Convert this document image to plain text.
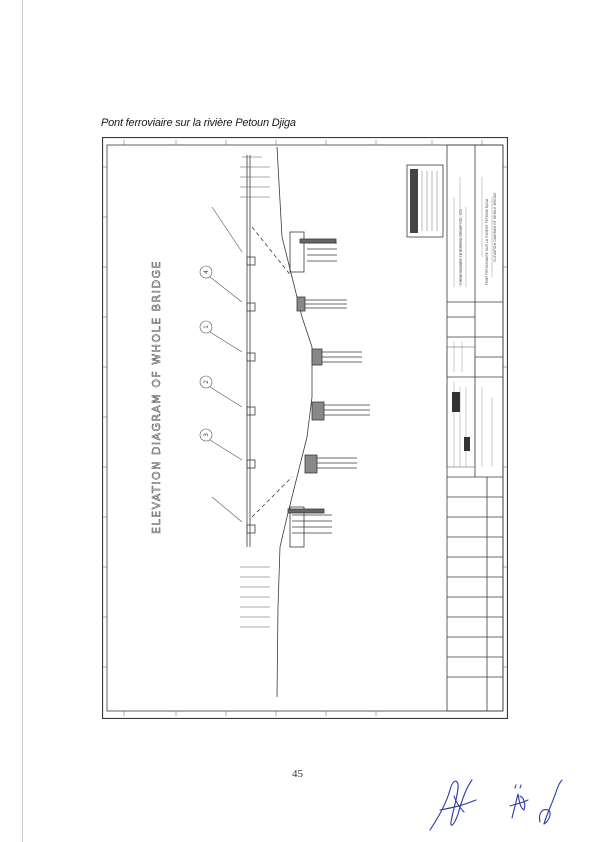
Pont ferroviaire sur la rivière Petoun Djiga
1
2
3
4
ELEVATION DIAGRAM OF WHOLE BRIDGE
CHINA RAILWAY 18 BUREAU GROUP CO., LTD	PONT FERROVIAIRE SUR LA RIVIERE PETOUN DJIGA ELEVATION DIAGRAM OF WHOLE BRIDGE
45
